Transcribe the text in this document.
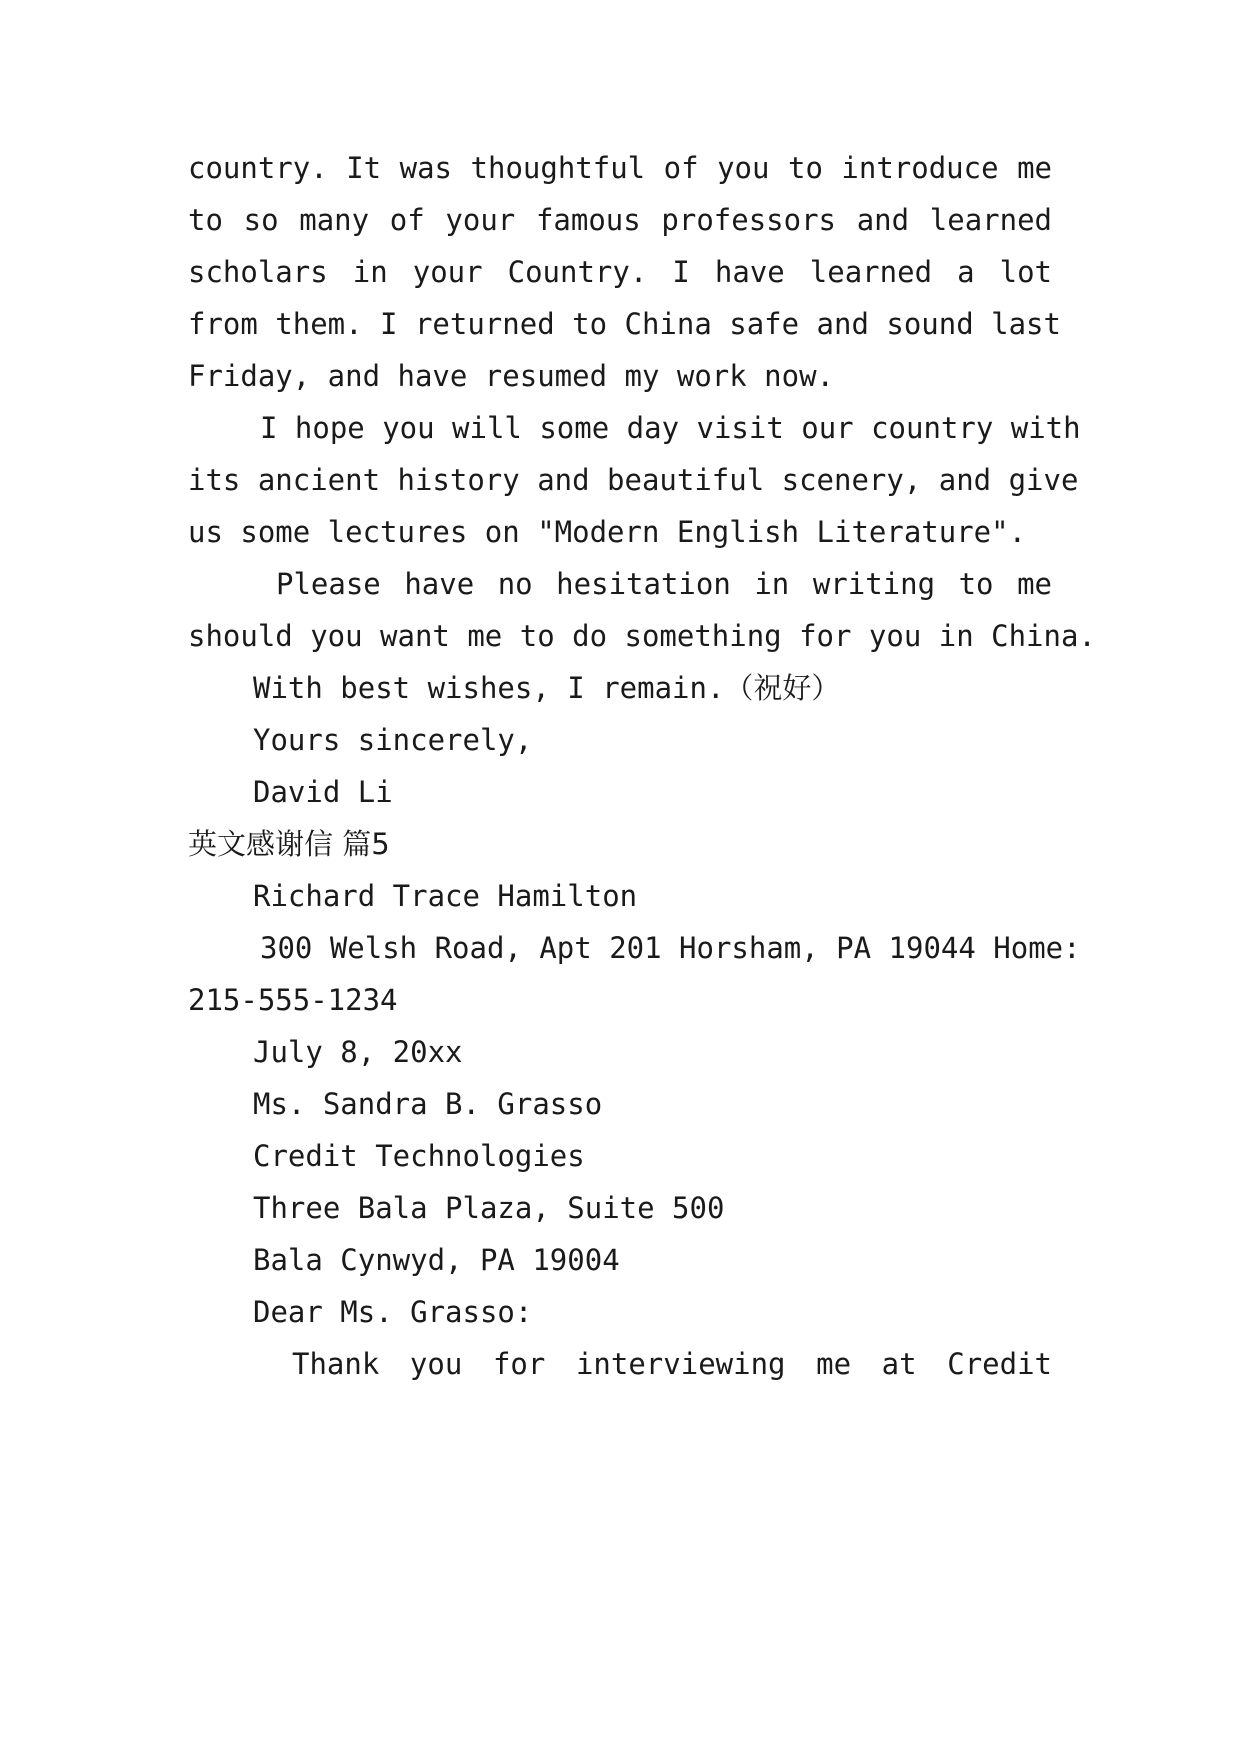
country. It was thoughtful of you to introduce me
to so many of your famous professors and learned
scholars in your Country. I have learned a lot
from them. I returned to China safe and sound last
Friday, and have resumed my work now.
I hope you will some day visit our country with
its ancient history and beautiful scenery, and give
us some lectures on "Modern English Literature".
Please have no hesitation in writing to me
should you want me to do something for you in China.
With best wishes, I remain.（祝好）
Yours sincerely,
David Li
英文感谢信 篇5
Richard Trace Hamilton
300 Welsh Road, Apt 201 Horsham, PA 19044 Home:
215-555-1234
July 8, 20xx
Ms. Sandra B. Grasso
Credit Technologies
Three Bala Plaza, Suite 500
Bala Cynwyd, PA 19004
Dear Ms. Grasso:
Thank you for interviewing me at Credit
